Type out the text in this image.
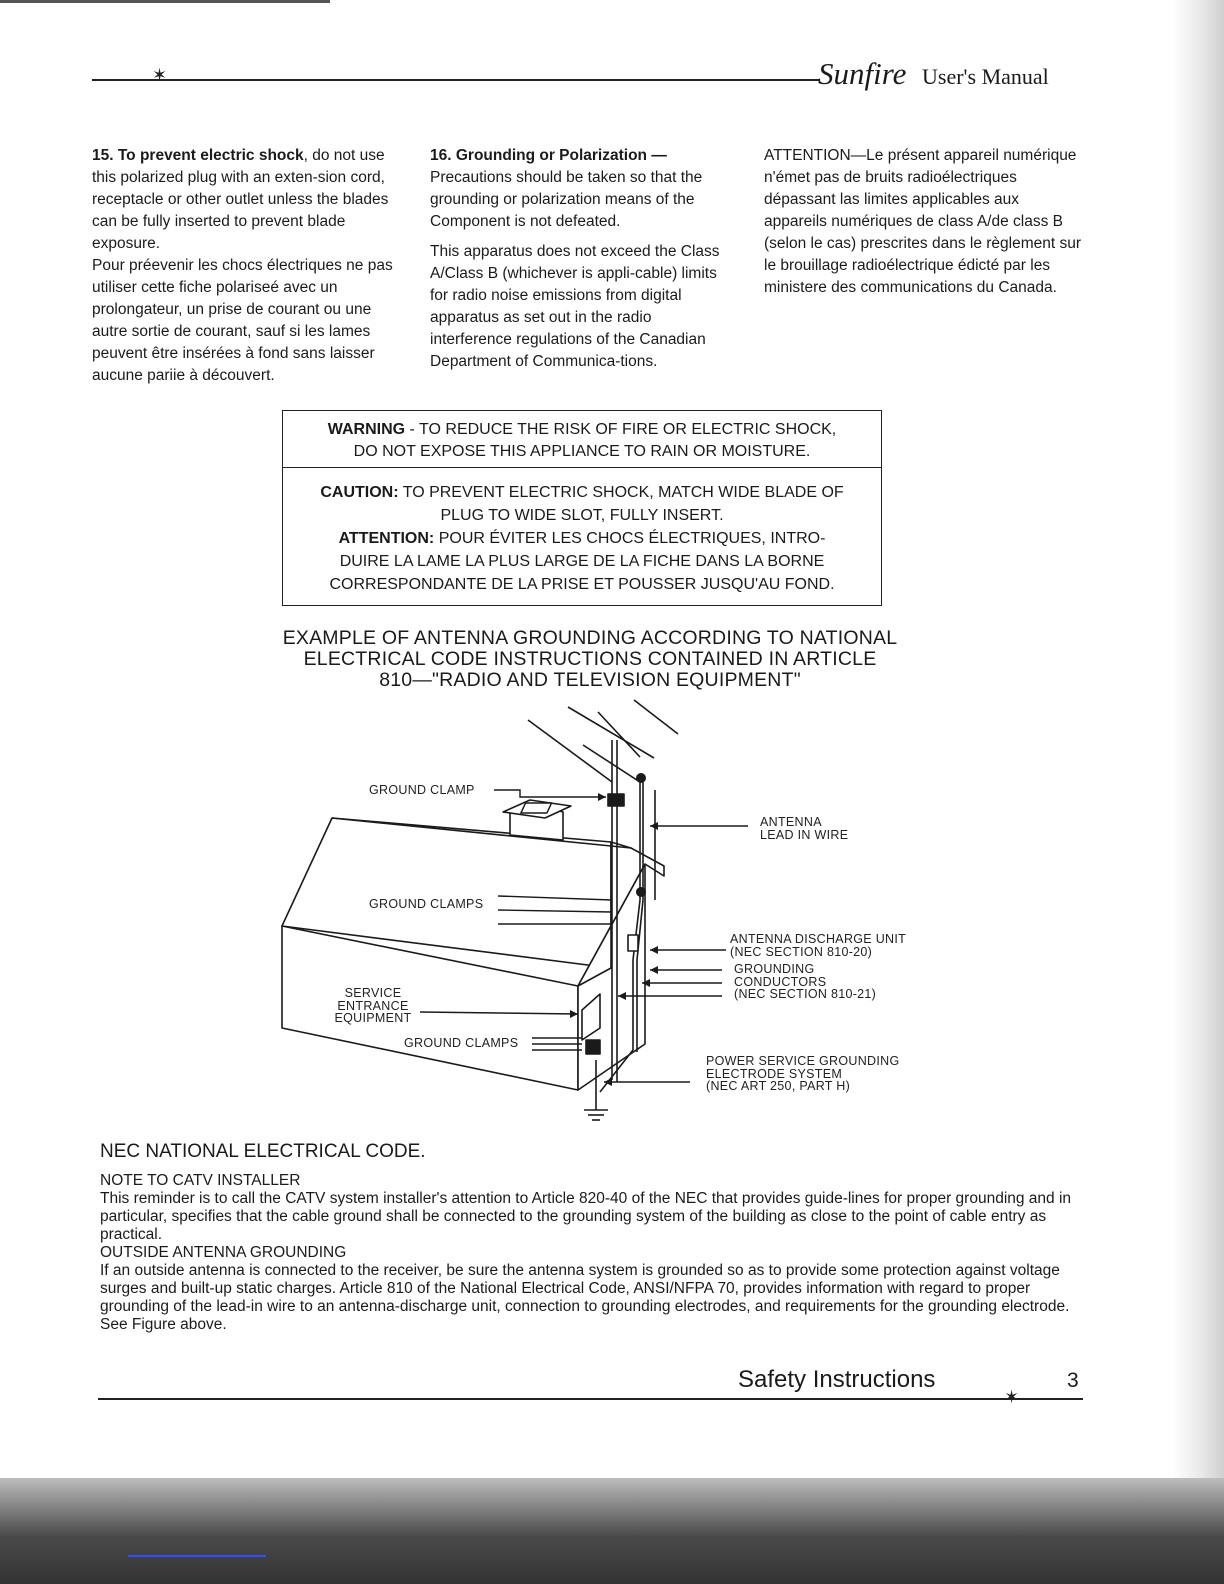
✶	Sunfire User's Manual

15. To prevent electric shock, do not use this polarized plug with an exten-sion cord, receptacle or other outlet unless the blades can be fully inserted to prevent blade exposure.

Pour préevenir les chocs électriques ne pas utiliser cette fiche polariseé avec un prolongateur, un prise de courant ou une autre sortie de courant, sauf si les lames peuvent être insérées à fond sans laisser aucune pariie à découvert.

16. Grounding or Polarization — Precautions should be taken so that the grounding or polarization means of the Component is not defeated.

This apparatus does not exceed the Class A/Class B (whichever is appli-cable) limits for radio noise emissions from digital apparatus as set out in the radio interference regulations of the Canadian Department of Communica-tions.

ATTENTION—Le présent appareil numérique n'émet pas de bruits radioélectriques dépassant las limites applicables aux appareils numériques de class A/de class B (selon le cas) prescrites dans le règlement sur le brouillage radioélectrique édicté par les ministere des communications du Canada.

WARNING - TO REDUCE THE RISK OF FIRE OR ELECTRIC SHOCK,

DO NOT EXPOSE THIS APPLIANCE TO RAIN OR MOISTURE.

CAUTION: TO PREVENT ELECTRIC SHOCK, MATCH WIDE BLADE OF

PLUG TO WIDE SLOT, FULLY INSERT.

ATTENTION: POUR ÉVITER LES CHOCS ÉLECTRIQUES, INTRO-

DUIRE LA LAME LA PLUS LARGE DE LA FICHE DANS LA BORNE

CORRESPONDANTE DE LA PRISE ET POUSSER JUSQU'AU FOND.

EXAMPLE OF ANTENNA GROUNDING ACCORDING TO NATIONAL

ELECTRICAL CODE INSTRUCTIONS CONTAINED IN ARTICLE

810—"RADIO AND TELEVISION EQUIPMENT"

GROUND CLAMP

ANTENNA

LEAD IN WIRE

GROUND CLAMPS

ANTENNA DISCHARGE UNIT

(NEC SECTION 810-20)

GROUNDING

CONDUCTORS

(NEC SECTION 810-21)

SERVICE

ENTRANCE

EQUIPMENT

GROUND CLAMPS

POWER SERVICE GROUNDING

ELECTRODE SYSTEM

(NEC ART 250, PART H)

NEC NATIONAL ELECTRICAL CODE.

NOTE TO CATV INSTALLER

This reminder is to call the CATV system installer's attention to Article 820-40 of the NEC that provides guide-lines for proper grounding and in particular, specifies that the cable ground shall be connected to the grounding system of the building as close to the point of cable entry as practical.

OUTSIDE ANTENNA GROUNDING

If an outside antenna is connected to the receiver, be sure the antenna system is grounded so as to provide some protection against voltage surges and built-up static charges. Article 810 of the National Electrical Code, ANSI/NFPA 70, provides information with regard to proper grounding of the lead-in wire to an antenna-discharge unit, connection to grounding electrodes, and requirements for the grounding electrode. See Figure above.

Safety Instructions	3
✶
